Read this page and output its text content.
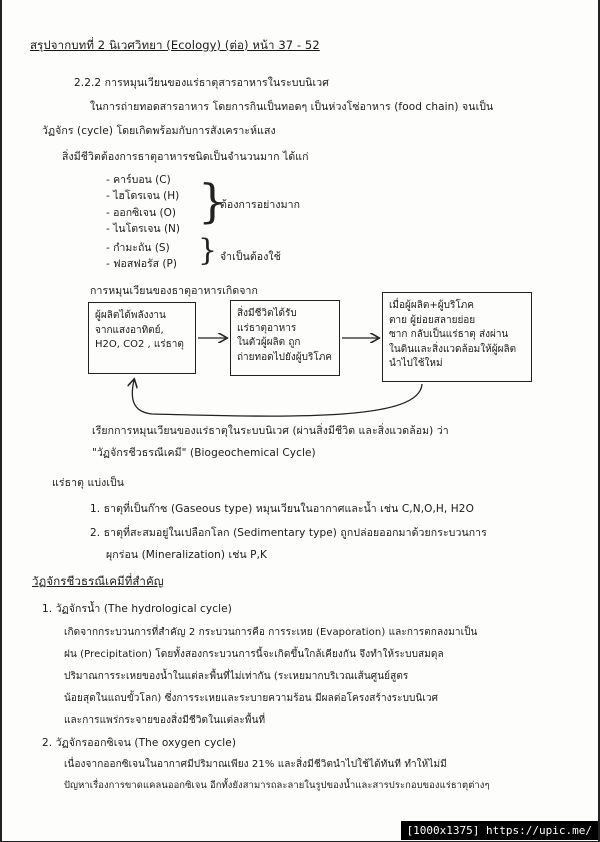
สรุปจากบทที่ 2 นิเวศวิทยา (Ecology) (ต่อ) หน้า 37 - 52
2.2.2 การหมุนเวียนของแร่ธาตุสารอาหารในระบบนิเวศ
ในการถ่ายทอดสารอาหาร โดยการกินเป็นทอดๆ เป็นห่วงโซ่อาหาร (food chain) จนเป็น
วัฏจักร (cycle) โดยเกิดพร้อมกับการสังเคราะห์แสง
สิ่งมีชีวิตต้องการธาตุอาหารชนิดเป็นจำนวนมาก ได้แก่
- คาร์บอน (C)
- ไฮโดรเจน (H)
- ออกซิเจน (O)
- ไนโตรเจน (N)
}
ต้องการอย่างมาก
- กำมะถัน (S)
- ฟอสฟอรัส (P) } จำเป็นต้องใช้
การหมุนเวียนของธาตุอาหารเกิดจาก
ผู้ผลิตได้พลังงาน
จากแสงอาทิตย์,
H2O, CO2 , แร่ธาตุ
สิ่งมีชีวิตได้รับ
แร่ธาตุอาหาร
ในตัวผู้ผลิต ถูก
ถ่ายทอดไปยังผู้บริโภค
เมื่อผู้ผลิต+ผู้บริโภค
ตาย ผู้ย่อยสลายย่อย
ซาก กลับเป็นแร่ธาตุ ส่งผ่าน
ในดินและสิ่งแวดล้อมให้ผู้ผลิต
นำไปใช้ใหม่
เรียกการหมุนเวียนของแร่ธาตุในระบบนิเวศ (ผ่านสิ่งมีชีวิต และสิ่งแวดล้อม) ว่า
"วัฏจักรชีวธรณีเคมี" (Biogeochemical Cycle)
แร่ธาตุ แบ่งเป็น
1. ธาตุที่เป็นก๊าซ (Gaseous type) หมุนเวียนในอากาศและน้ำ เช่น C,N,O,H, H2O
2. ธาตุที่สะสมอยู่ในเปลือกโลก (Sedimentary type) ถูกปล่อยออกมาด้วยกระบวนการ
ผุกร่อน (Mineralization) เช่น P,K
วัฏจักรชีวธรณีเคมีที่สำคัญ
1. วัฏจักรน้ำ (The hydrological cycle)
เกิดจากกระบวนการที่สำคัญ 2 กระบวนการคือ การระเหย (Evaporation) และการตกลงมาเป็น
ฝน (Precipitation) โดยทั้งสองกระบวนการนี้จะเกิดขึ้นใกล้เคียงกัน จึงทำให้ระบบสมดุล
ปริมาณการระเหยของน้ำในแต่ละพื้นที่ไม่เท่ากัน (ระเหยมากบริเวณเส้นศูนย์สูตร
น้อยสุดในแถบขั้วโลก) ซึ่งการระเหยและระบายความร้อน มีผลต่อโครงสร้างระบบนิเวศ
และการแพร่กระจายของสิ่งมีชีวิตในแต่ละพื้นที่
2. วัฏจักรออกซิเจน (The oxygen cycle)
เนื่องจากออกซิเจนในอากาศมีปริมาณเพียง 21% และสิ่งมีชีวิตนำไปใช้ได้ทันที ทำให้ไม่มี
ปัญหาเรื่องการขาดแคลนออกซิเจน อีกทั้งยังสามารถละลายในรูปของน้ำและสารประกอบของแร่ธาตุต่างๆ
[1000x1375] https://upic.me/
